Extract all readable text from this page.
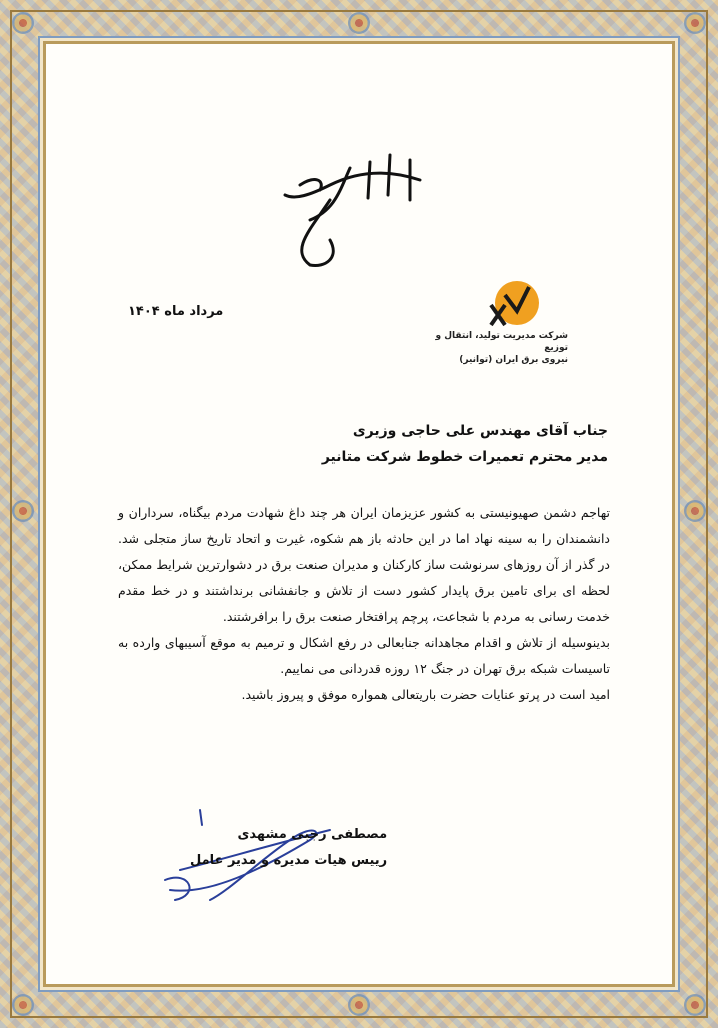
شرکت مدیریت تولید، انتقال و توزیع
نیروی برق ایران (توانیر)
مرداد ماه ۱۴۰۴
جناب آقای مهندس علی حاجی وزیری
مدیر محترم تعمیرات خطوط شرکت متانیر

تهاجم دشمن صهیونیستی به کشور عزیزمان ایران هر چند داغ شهادت مردم بیگناه، سرداران و دانشمندان را به سینه نهاد اما در این حادثه باز هم شکوه، غیرت و اتحاد تاریخ ساز متجلی شد. در گذر از آن روزهای سرنوشت ساز کارکنان و مدیران صنعت برق در دشوارترین شرایط ممکن، لحظه ای برای تامین برق پایدار کشور دست از تلاش و جانفشانی برنداشتند و در خط مقدم خدمت رسانی به مردم با شجاعت، پرچم پرافتخار صنعت برق را برافرشتند.

بدینوسیله از تلاش و اقدام مجاهدانه جنابعالی در رفع اشکال و ترمیم به موقع آسیبهای وارده به تاسیسات شبکه برق تهران در جنگ ۱۲ روزه قدردانی می نماییم.

امید است در پرتو عنایات حضرت باریتعالی همواره موفق و پیروز باشید.

مصطفی رجبی مشهدی
رییس هیات مدیره و مدیر عامل
